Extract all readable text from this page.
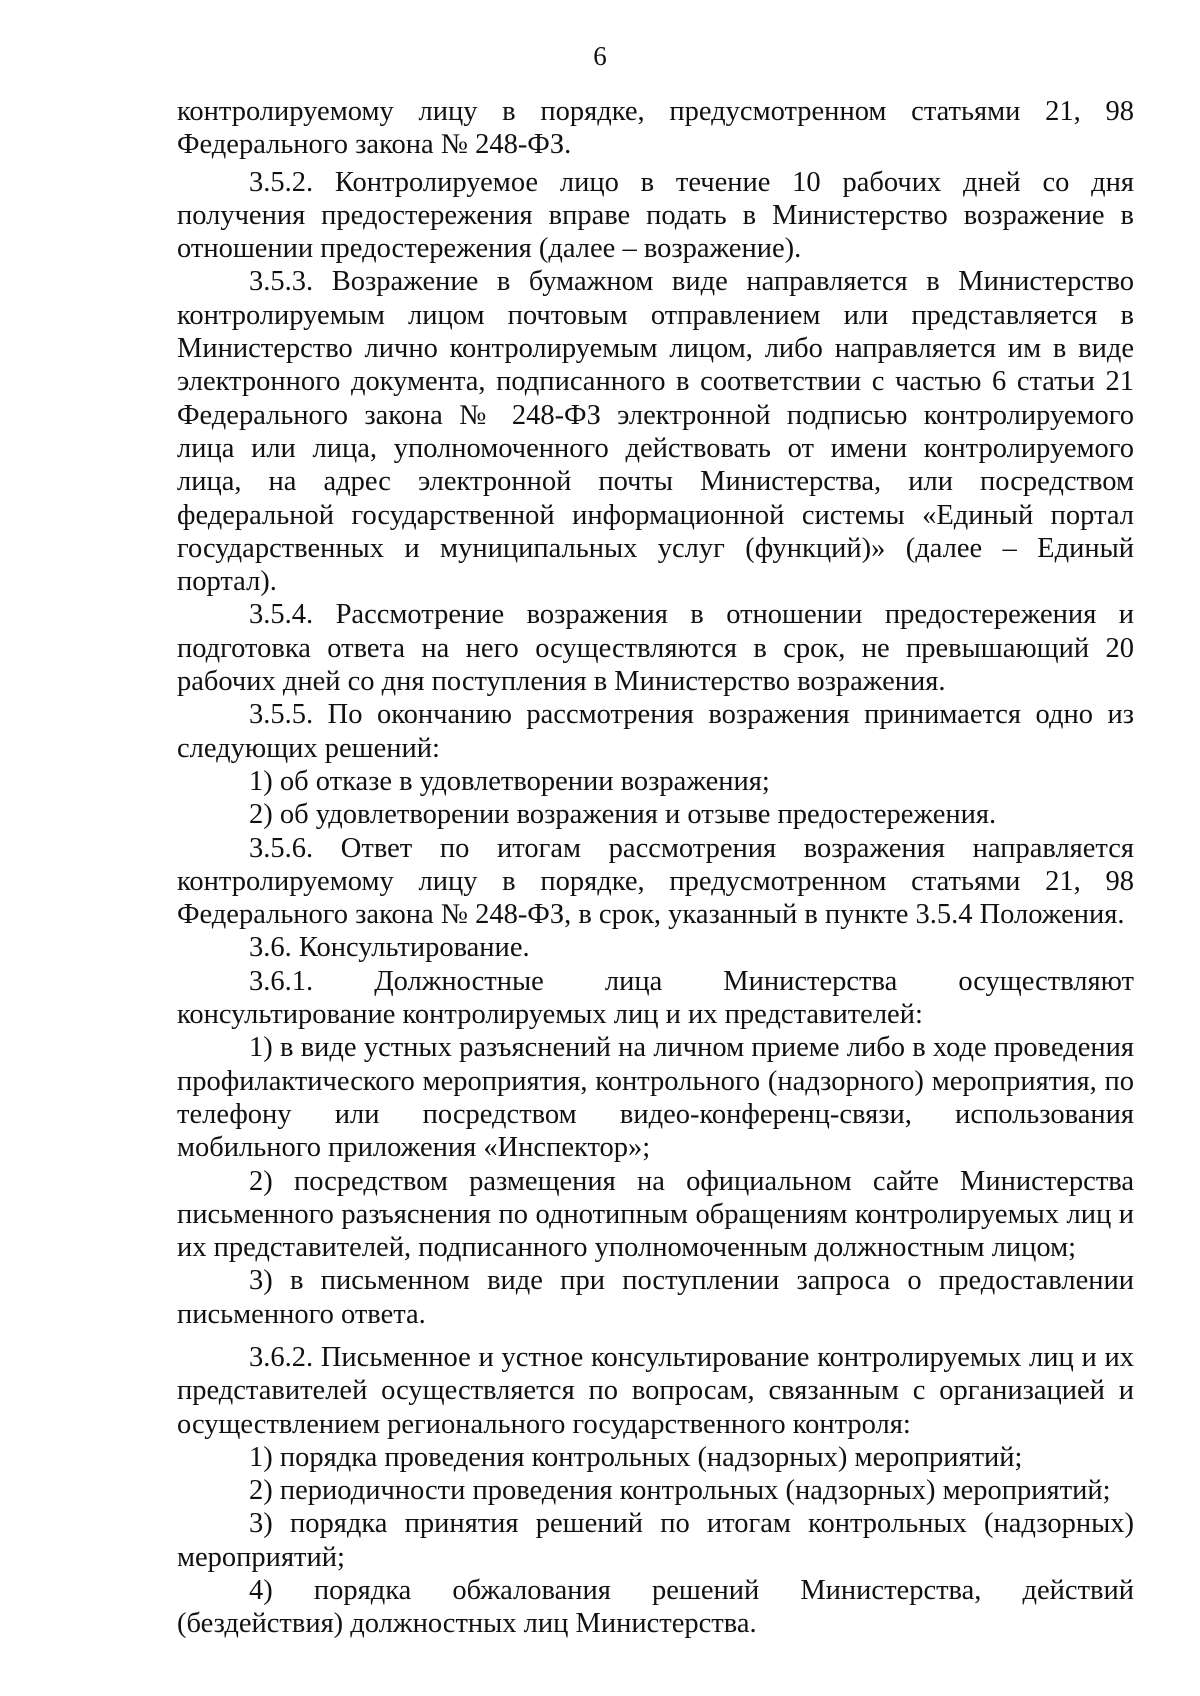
6

контролируемому лицу в порядке, предусмотренном статьями 21, 98 Федерального закона № 248-ФЗ.

3.5.2. Контролируемое лицо в течение 10 рабочих дней со дня получения предостережения вправе подать в Министерство возражение в отношении предостережения (далее – возражение).

3.5.3. Возражение в бумажном виде направляется в Министерство контролируемым лицом почтовым отправлением или представляется в Министерство лично контролируемым лицом, либо направляется им в виде электронного документа, подписанного в соответствии с частью 6 статьи 21 Федерального закона № 248-ФЗ электронной подписью контролируемого лица или лица, уполномоченного действовать от имени контролируемого лица, на адрес электронной почты Министерства, или посредством федеральной государственной информационной системы «Единый портал государственных и муниципальных услуг (функций)» (далее – Единый портал).

3.5.4. Рассмотрение возражения в отношении предостережения и подготовка ответа на него осуществляются в срок, не превышающий 20 рабочих дней со дня поступления в Министерство возражения.

3.5.5. По окончанию рассмотрения возражения принимается одно из следующих решений:

1) об отказе в удовлетворении возражения;

2) об удовлетворении возражения и отзыве предостережения.

3.5.6. Ответ по итогам рассмотрения возражения направляется контролируемому лицу в порядке, предусмотренном статьями 21, 98 Федерального закона № 248-ФЗ, в срок, указанный в пункте 3.5.4 Положения.

3.6. Консультирование.

3.6.1. Должностные лица Министерства осуществляют консультирование контролируемых лиц и их представителей:

1) в виде устных разъяснений на личном приеме либо в ходе проведения профилактического мероприятия, контрольного (надзорного) мероприятия, по телефону или посредством видео-конференц-связи, использования мобильного приложения «Инспектор»;

2) посредством размещения на официальном сайте Министерства письменного разъяснения по однотипным обращениям контролируемых лиц и их представителей, подписанного уполномоченным должностным лицом;

3) в письменном виде при поступлении запроса о предоставлении письменного ответа.

3.6.2. Письменное и устное консультирование контролируемых лиц и их представителей осуществляется по вопросам, связанным с организацией и осуществлением регионального государственного контроля:

1) порядка проведения контрольных (надзорных) мероприятий;

2) периодичности проведения контрольных (надзорных) мероприятий;

3) порядка принятия решений по итогам контрольных (надзорных) мероприятий;

4) порядка обжалования решений Министерства, действий (бездействия) должностных лиц Министерства.
